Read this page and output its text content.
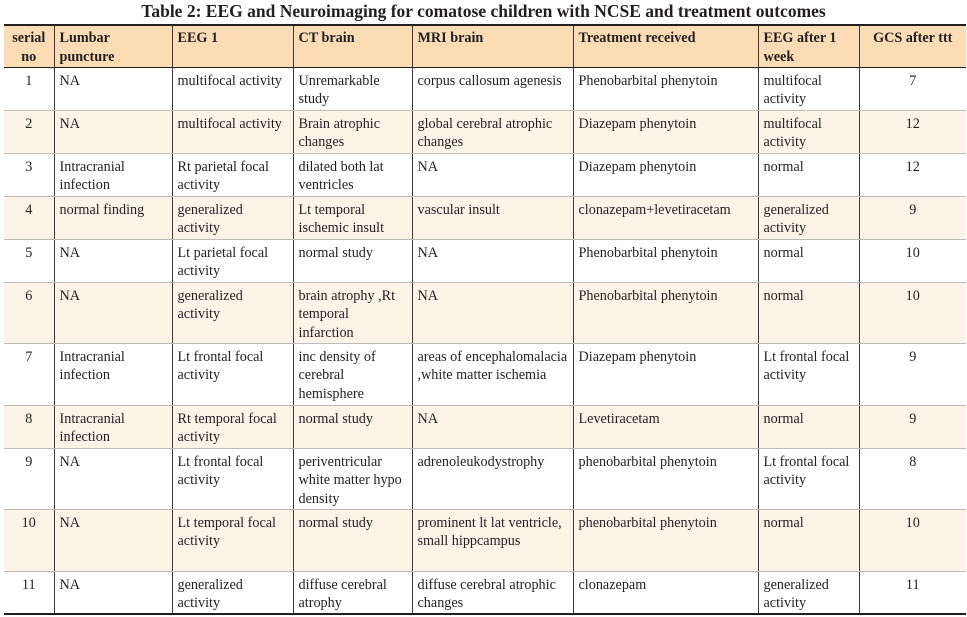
Table 2: EEG and Neuroimaging for comatose children with NCSE and treatment outcomes
serial no	Lumbar puncture	EEG 1	CT brain	MRI brain	Treatment received	EEG after 1 week	GCS after ttt
1	NA	multifocal activity	Unremarkable study	corpus callosum agenesis	Phenobarbital phenytoin	multifocal activity	7
2	NA	multifocal activity	Brain atrophic changes	global cerebral atrophic changes	Diazepam phenytoin	multifocal activity	12
3	Intracranial infection	Rt parietal focal activity	dilated both lat ventricles	NA	Diazepam phenytoin	normal	12
4	normal finding	generalized activity	Lt temporal ischemic insult	vascular insult	clonazepam+levetiracetam	generalized activity	9
5	NA	Lt parietal focal activity	normal study	NA	Phenobarbital phenytoin	normal	10
6	NA	generalized activity	brain atrophy ,Rt temporal infarction	NA	Phenobarbital phenytoin	normal	10
7	Intracranial infection	Lt frontal focal activity	inc density of cerebral hemisphere	areas of encephalomalacia ,white matter ischemia	Diazepam phenytoin	Lt frontal focal activity	9
8	Intracranial infection	Rt temporal focal activity	normal study	NA	Levetiracetam	normal	9
9	NA	Lt frontal focal activity	periventricular white matter hypo density	adrenoleukodystrophy	phenobarbital phenytoin	Lt frontal focal activity	8
10	NA	Lt temporal focal activity	normal study	prominent lt lat ventricle, small hippcampus	phenobarbital phenytoin	normal	10
11	NA	generalized activity	diffuse cerebral atrophy	diffuse cerebral atrophic changes	clonazepam	generalized activity	11
